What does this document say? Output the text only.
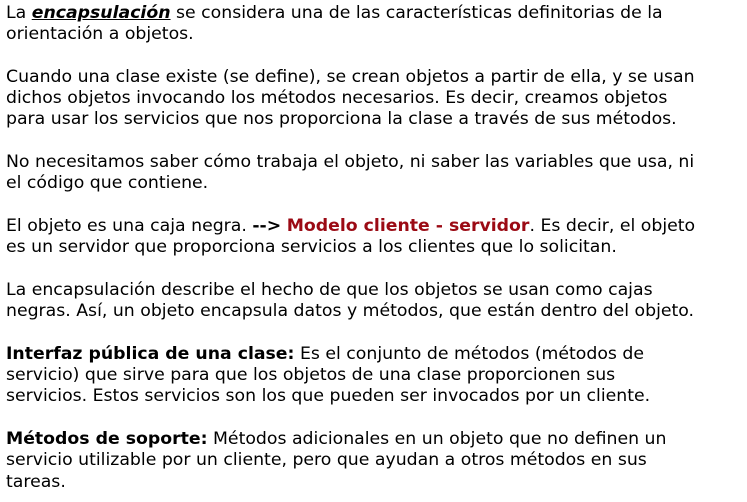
La encapsulación se considera una de las características definitorias de la
orientación a objetos.

Cuando una clase existe (se define), se crean objetos a partir de ella, y se usan
dichos objetos invocando los métodos necesarios. Es decir, creamos objetos
para usar los servicios que nos proporciona la clase a través de sus métodos.

No necesitamos saber cómo trabaja el objeto, ni saber las variables que usa, ni
el código que contiene.

El objeto es una caja negra. --> Modelo cliente - servidor. Es decir, el objeto
es un servidor que proporciona servicios a los clientes que lo solicitan.

La encapsulación describe el hecho de que los objetos se usan como cajas
negras. Así, un objeto encapsula datos y métodos, que están dentro del objeto.

Interfaz pública de una clase: Es el conjunto de métodos (métodos de
servicio) que sirve para que los objetos de una clase proporcionen sus
servicios. Estos servicios son los que pueden ser invocados por un cliente.

Métodos de soporte: Métodos adicionales en un objeto que no definen un
servicio utilizable por un cliente, pero que ayudan a otros métodos en sus
tareas.
